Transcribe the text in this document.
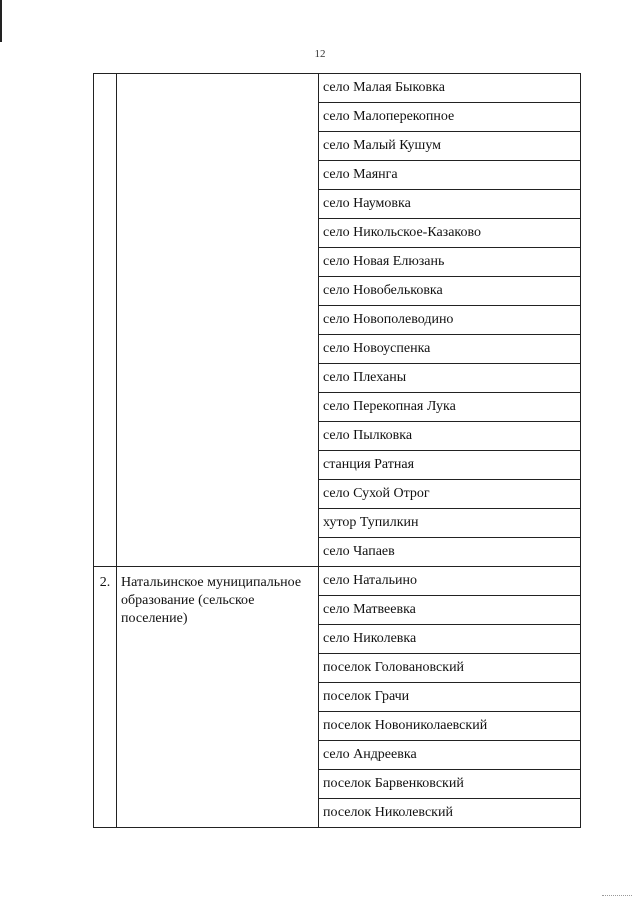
12
		село Малая Быковка
		село Малоперекопное
		село Малый Кушум
		село Маянга
		село Наумовка
		село Никольское-Казаково
		село Новая Елюзань
		село Новобельковка
		село Новополеводино
		село Новоуспенка
		село Плеханы
		село Перекопная Лука
		село Пылковка
		станция Ратная
		село Сухой Отрог
		хутор Тупилкин
		село Чапаев
2.	Натальинское муниципальное образование (сельское поселение)	село Натальино
		село Матвеевка
		село Николевка
		поселок Голованoвский
		поселок Грачи
		поселок Новониколаевский
		село Андреевка
		поселок Барвенковский
		поселок Николевский
